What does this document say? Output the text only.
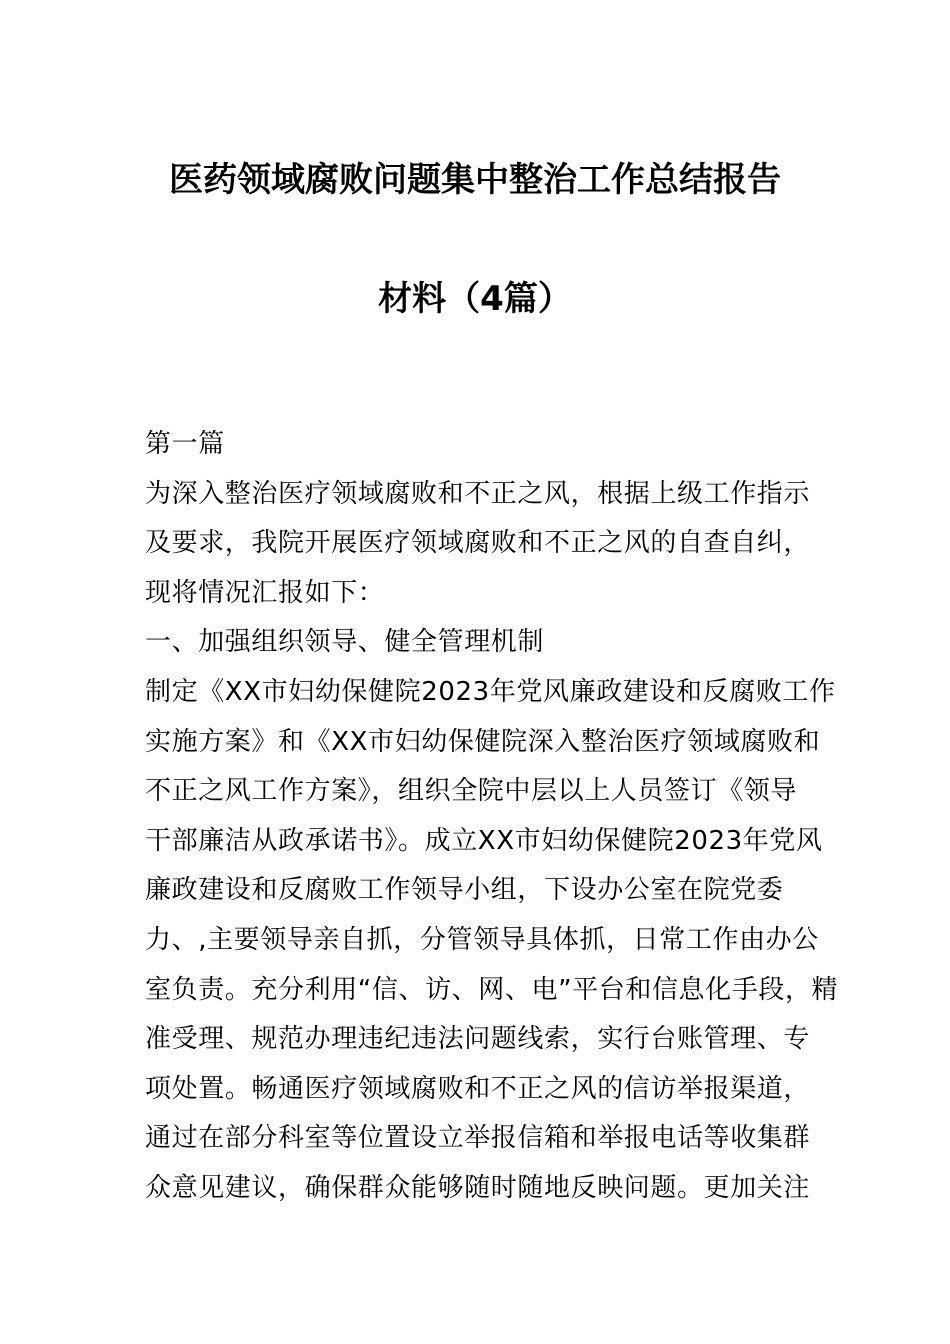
医药领域腐败问题集中整治工作总结报告
材料（4篇）
第一篇
为深入整治医疗领域腐败和不正之风，根据上级工作指示
及要求，我院开展医疗领域腐败和不正之风的自查自纠，
现将情况汇报如下：
一、加强组织领导、健全管理机制
制定《XX市妇幼保健院2023年党风廉政建设和反腐败工作
实施方案》和《XX市妇幼保健院深入整治医疗领域腐败和
不正之风工作方案》，组织全院中层以上人员签订《领导
干部廉洁从政承诺书》。成立XX市妇幼保健院2023年党风
廉政建设和反腐败工作领导小组，下设办公室在院党委
力、,主要领导亲自抓，分管领导具体抓，日常工作由办公
室负责。充分利用“信、访、网、电”平台和信息化手段，精
准受理、规范办理违纪违法问题线索，实行台账管理、专
项处置。畅通医疗领域腐败和不正之风的信访举报渠道，
通过在部分科室等位置设立举报信箱和举报电话等收集群
众意见建议，确保群众能够随时随地反映问题。更加关注
